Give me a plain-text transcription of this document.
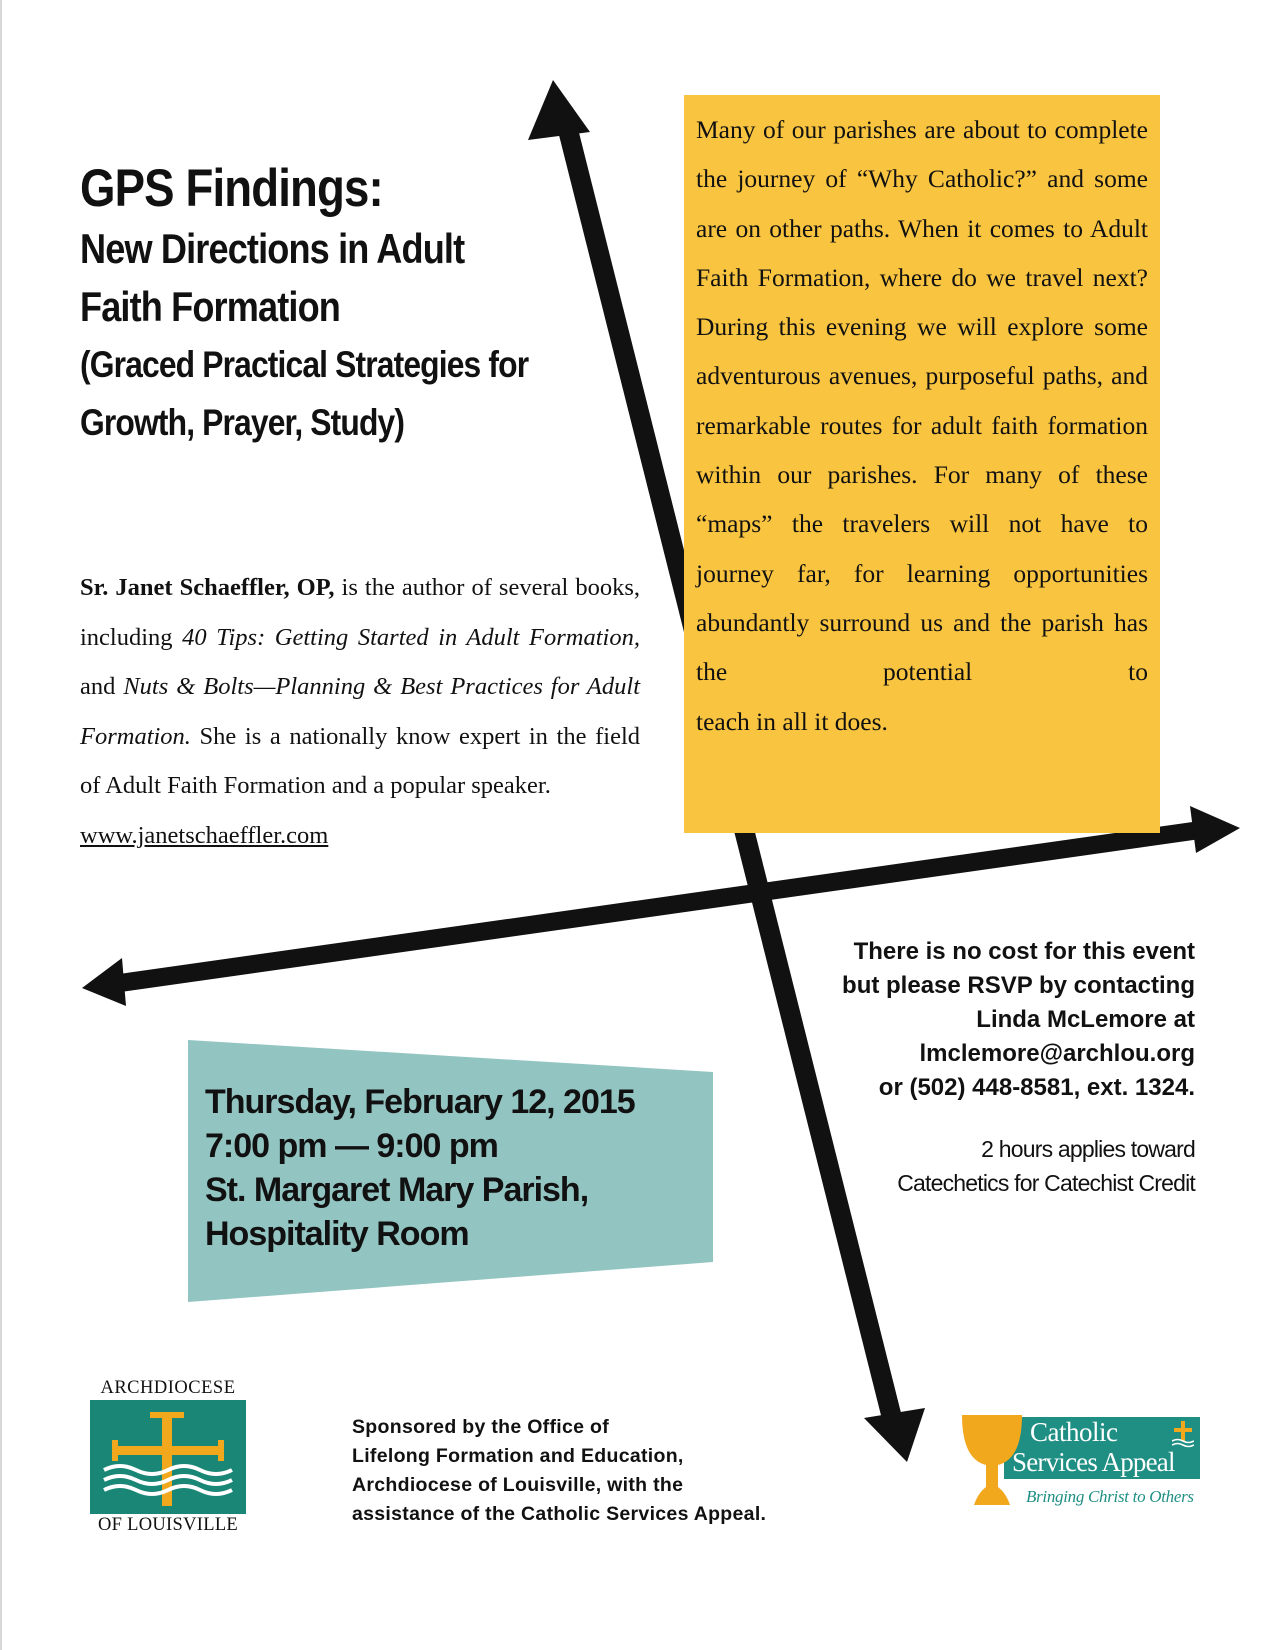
GPS Findings:
New Directions in Adult
Faith Formation
(Graced Practical Strategies for
Growth, Prayer, Study)
Sr. Janet Schaeffler, OP, is the author of several books, including 40 Tips: Getting Started in Adult Formation, and Nuts & Bolts—Planning & Best Practices for Adult Formation. She is a nationally know expert in the field of Adult Faith Formation and a popular speaker.
www.janetschaeffler.com

Many of our parishes are about to complete the journey of “Why Catholic?” and some are on other paths. When it comes to Adult Faith Formation, where do we travel next? During this evening we will explore some adventurous avenues, purposeful paths, and remarkable routes for adult faith formation within our parishes. For many of these “maps” the travelers will not have to journey far, for learning opportunities abundantly surround us and the parish has the potential to
teach in all it does.

Thursday, February 12, 2015
7:00 pm — 9:00 pm
St. Margaret Mary Parish,
Hospitality Room
There is no cost for this event
but please RSVP by contacting
Linda McLemore at
lmclemore@archlou.org
or (502) 448-8581, ext. 1324.
2 hours applies toward
Catechetics for Catechist Credit
Sponsored by the Office of
Lifelong Formation and Education,
Archdiocese of Louisville, with the
assistance of the Catholic Services Appeal.
ARCHDIOCESE
OF LOUISVILLE
Catholic
Services Appeal
Bringing Christ to Others
